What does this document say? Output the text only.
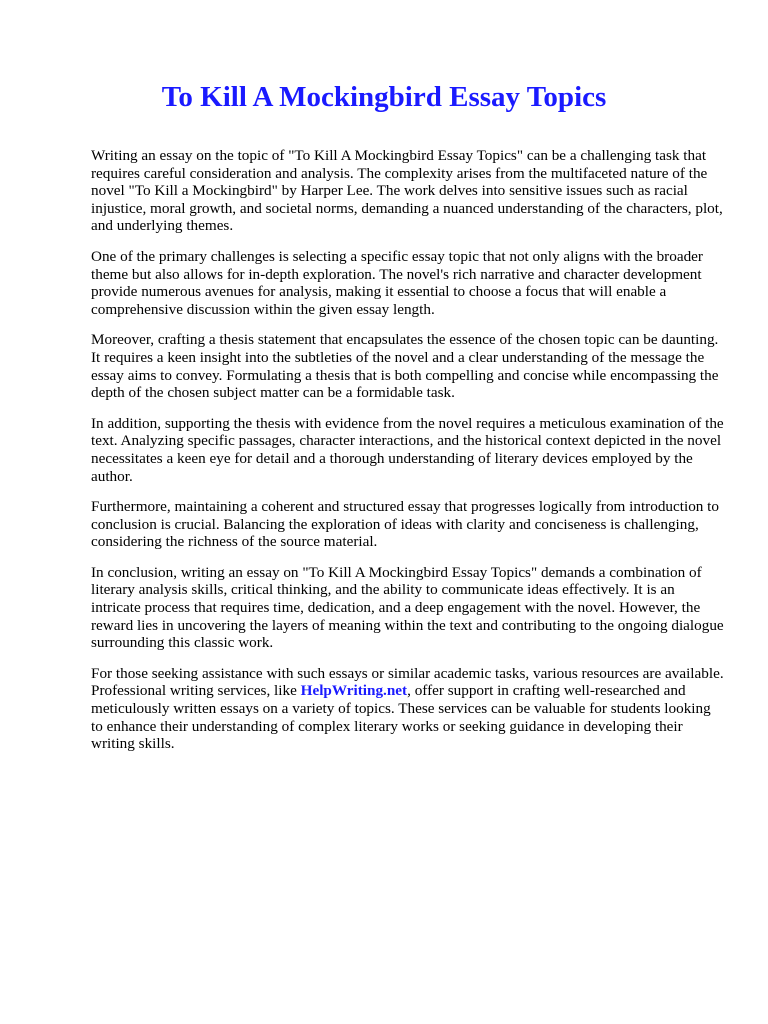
To Kill A Mockingbird Essay Topics

Writing an essay on the topic of "To Kill A Mockingbird Essay Topics" can be a challenging task that requires careful consideration and analysis. The complexity arises from the multifaceted nature of the novel "To Kill a Mockingbird" by Harper Lee. The work delves into sensitive issues such as racial injustice, moral growth, and societal norms, demanding a nuanced understanding of the characters, plot, and underlying themes.

One of the primary challenges is selecting a specific essay topic that not only aligns with the broader theme but also allows for in-depth exploration. The novel's rich narrative and character development provide numerous avenues for analysis, making it essential to choose a focus that will enable a comprehensive discussion within the given essay length.

Moreover, crafting a thesis statement that encapsulates the essence of the chosen topic can be daunting. It requires a keen insight into the subtleties of the novel and a clear understanding of the message the essay aims to convey. Formulating a thesis that is both compelling and concise while encompassing the depth of the chosen subject matter can be a formidable task.

In addition, supporting the thesis with evidence from the novel requires a meticulous examination of the text. Analyzing specific passages, character interactions, and the historical context depicted in the novel necessitates a keen eye for detail and a thorough understanding of literary devices employed by the author.

Furthermore, maintaining a coherent and structured essay that progresses logically from introduction to conclusion is crucial. Balancing the exploration of ideas with clarity and conciseness is challenging, considering the richness of the source material.

In conclusion, writing an essay on "To Kill A Mockingbird Essay Topics" demands a combination of literary analysis skills, critical thinking, and the ability to communicate ideas effectively. It is an intricate process that requires time, dedication, and a deep engagement with the novel. However, the reward lies in uncovering the layers of meaning within the text and contributing to the ongoing dialogue surrounding this classic work.

For those seeking assistance with such essays or similar academic tasks, various resources are available. Professional writing services, like HelpWriting.net, offer support in crafting well-researched and meticulously written essays on a variety of topics. These services can be valuable for students looking to enhance their understanding of complex literary works or seeking guidance in developing their writing skills.
